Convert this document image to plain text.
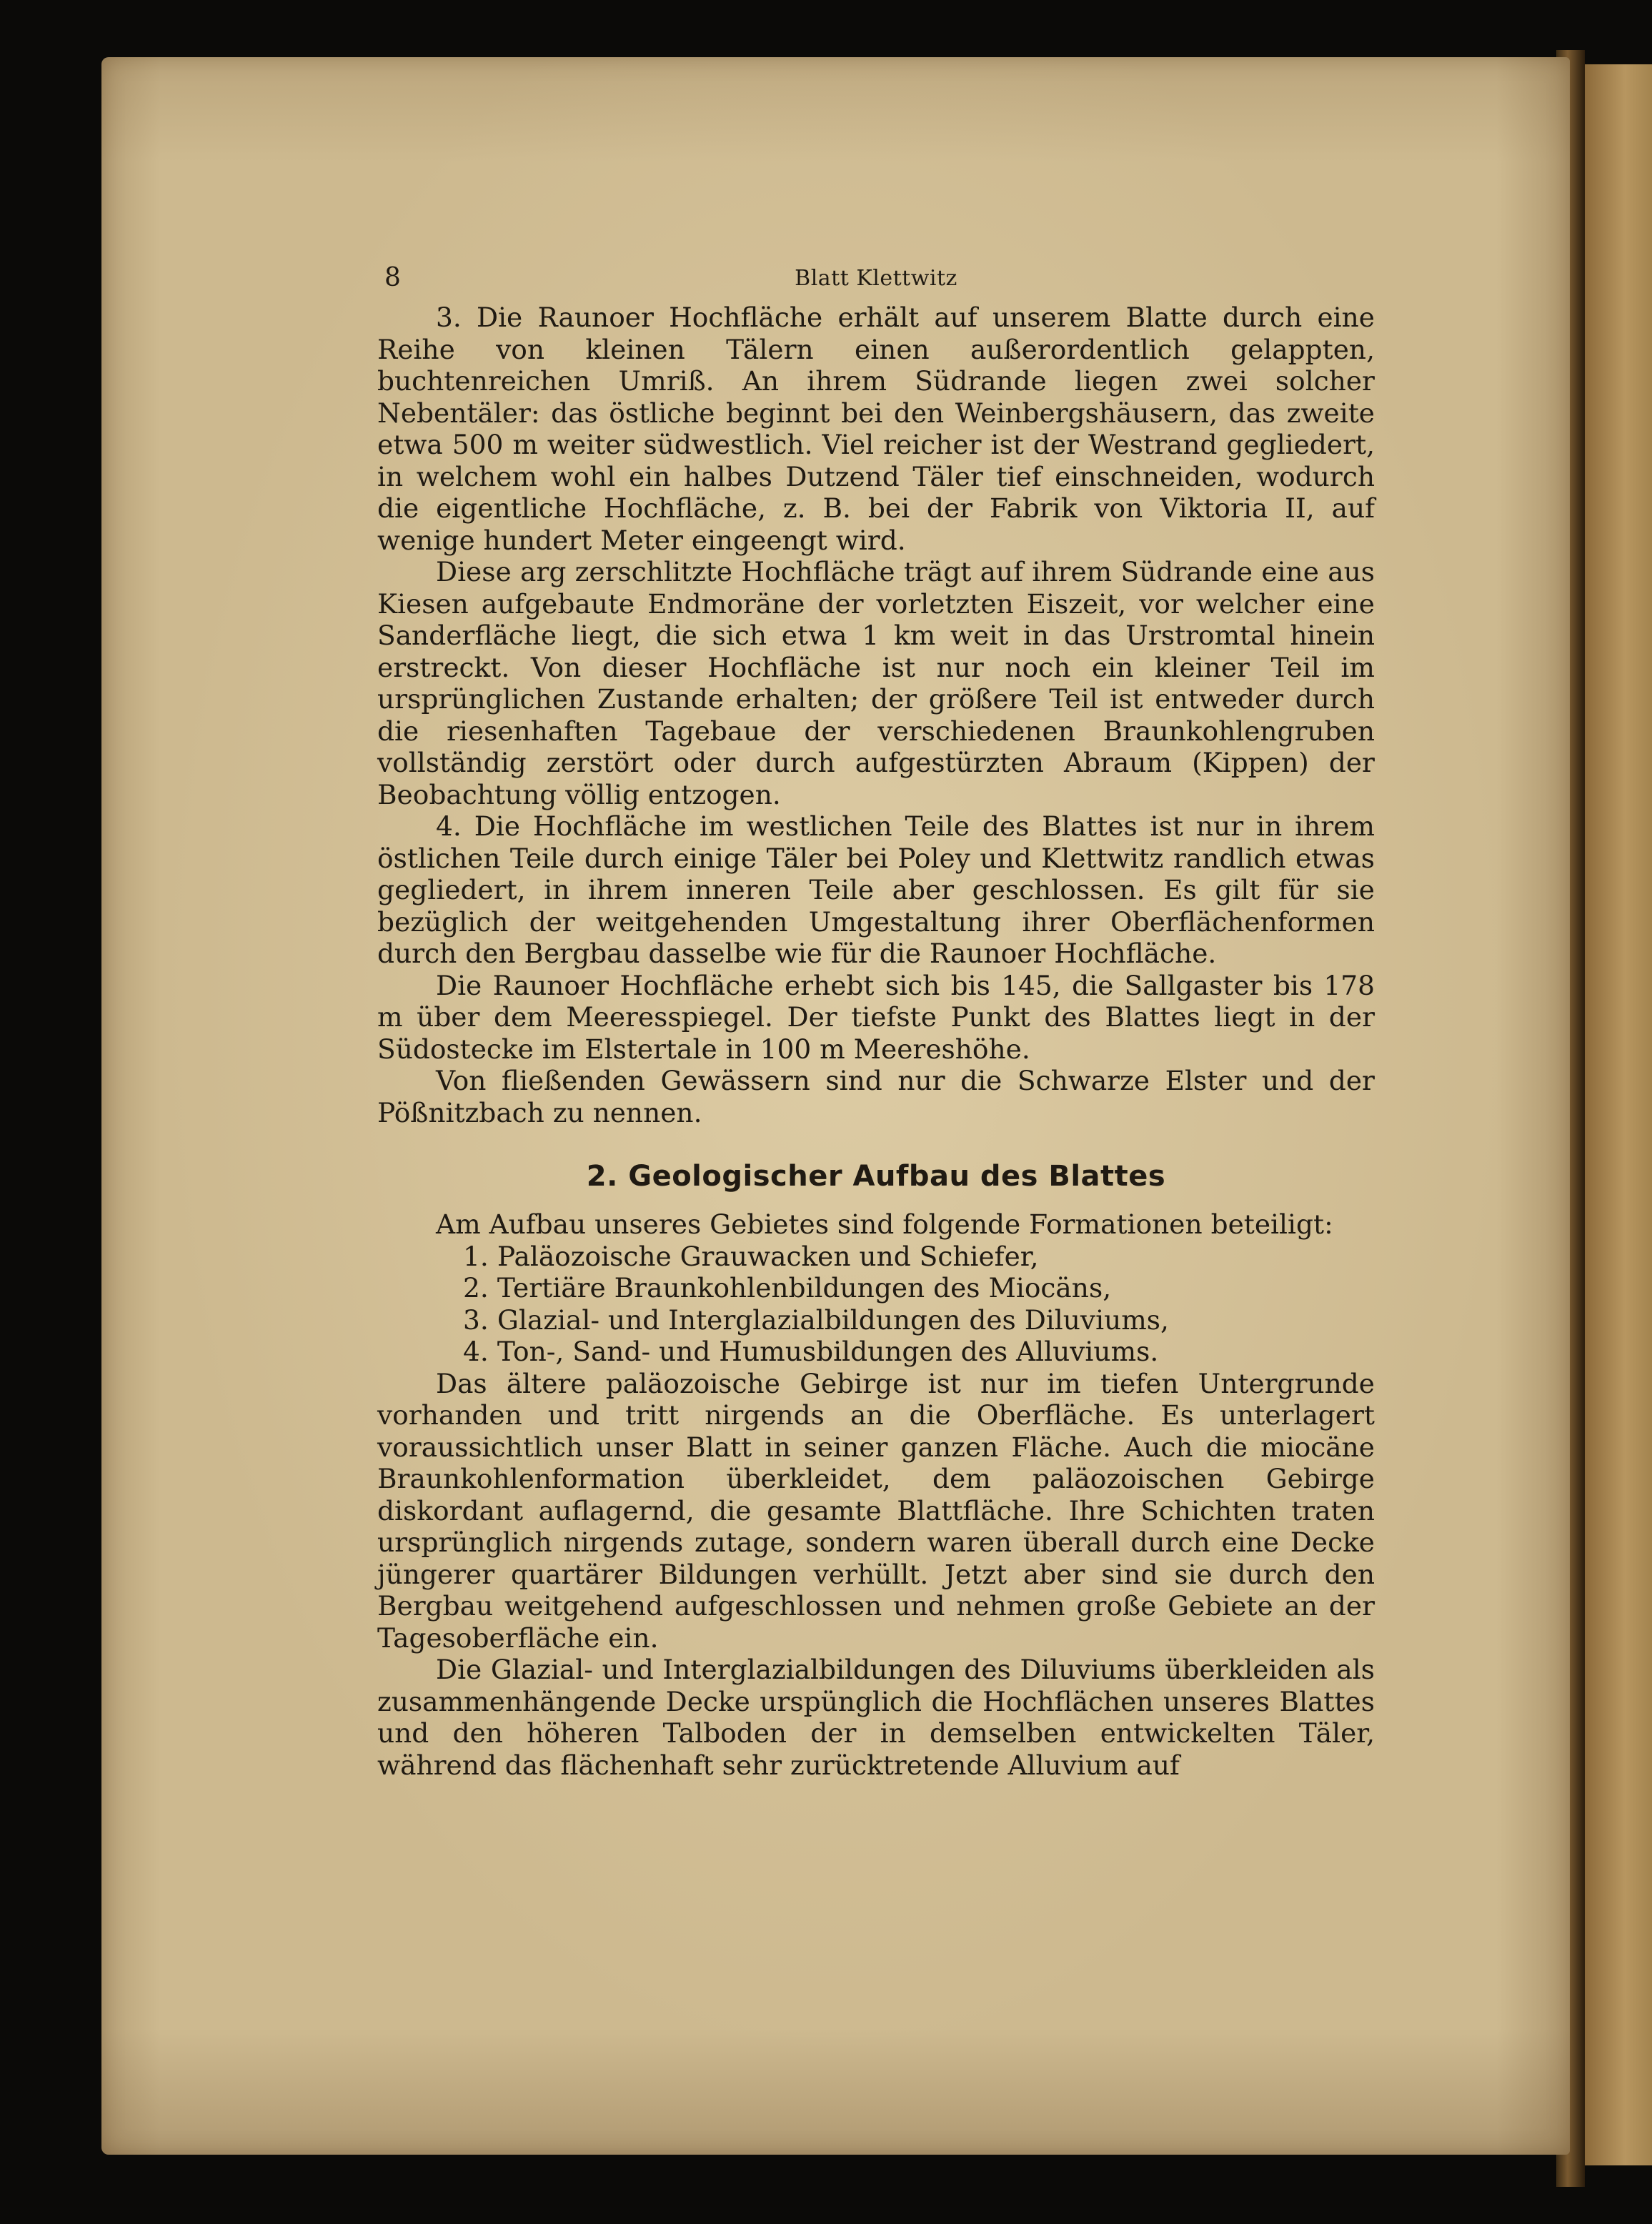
8	Blatt Klettwitz

3. Die Raunoer Hochfläche erhält auf unserem Blatte durch eine Reihe von kleinen Tälern einen außerordentlich gelappten, buchtenreichen Umriß. An ihrem Südrande liegen zwei solcher Nebentäler: das östliche beginnt bei den Weinbergshäusern, das zweite etwa 500 m weiter südwestlich. Viel reicher ist der Westrand gegliedert, in welchem wohl ein halbes Dutzend Täler tief einschneiden, wodurch die eigentliche Hochfläche, z. B. bei der Fabrik von Viktoria II, auf wenige hundert Meter eingeengt wird.

Diese arg zerschlitzte Hochfläche trägt auf ihrem Südrande eine aus Kiesen aufgebaute Endmoräne der vorletzten Eiszeit, vor welcher eine Sanderfläche liegt, die sich etwa 1 km weit in das Urstromtal hinein erstreckt. Von dieser Hochfläche ist nur noch ein kleiner Teil im ursprünglichen Zustande erhalten; der größere Teil ist entweder durch die riesenhaften Tagebaue der verschiedenen Braunkohlengruben vollständig zerstört oder durch aufgestürzten Abraum (Kippen) der Beobachtung völlig entzogen.

4. Die Hochfläche im westlichen Teile des Blattes ist nur in ihrem östlichen Teile durch einige Täler bei Poley und Klettwitz randlich etwas gegliedert, in ihrem inneren Teile aber geschlossen. Es gilt für sie bezüglich der weitgehenden Umgestaltung ihrer Oberflächenformen durch den Bergbau dasselbe wie für die Raunoer Hochfläche.

Die Raunoer Hochfläche erhebt sich bis 145, die Sallgaster bis 178 m über dem Meeresspiegel. Der tiefste Punkt des Blattes liegt in der Südostecke im Elstertale in 100 m Meereshöhe.

Von fließenden Gewässern sind nur die Schwarze Elster und der Pößnitzbach zu nennen.

2. Geologischer Aufbau des Blattes

Am Aufbau unseres Gebietes sind folgende Formationen beteiligt:

1. Paläozoische Grauwacken und Schiefer,
2. Tertiäre Braunkohlenbildungen des Miocäns,
3. Glazial- und Interglazialbildungen des Diluviums,
4. Ton-, Sand- und Humusbildungen des Alluviums.

Das ältere paläozoische Gebirge ist nur im tiefen Untergrunde vorhanden und tritt nirgends an die Oberfläche. Es unterlagert voraussichtlich unser Blatt in seiner ganzen Fläche. Auch die miocäne Braunkohlenformation überkleidet, dem paläozoischen Gebirge diskordant auflagernd, die gesamte Blattfläche. Ihre Schichten traten ursprünglich nirgends zutage, sondern waren überall durch eine Decke jüngerer quartärer Bildungen verhüllt. Jetzt aber sind sie durch den Bergbau weitgehend aufgeschlossen und nehmen große Gebiete an der Tagesoberfläche ein.

Die Glazial- und Interglazialbildungen des Diluviums überkleiden als zusammenhängende Decke urspünglich die Hochflächen unseres Blattes und den höheren Talboden der in demselben entwickelten Täler, während das flächenhaft sehr zurücktretende Alluvium auf
